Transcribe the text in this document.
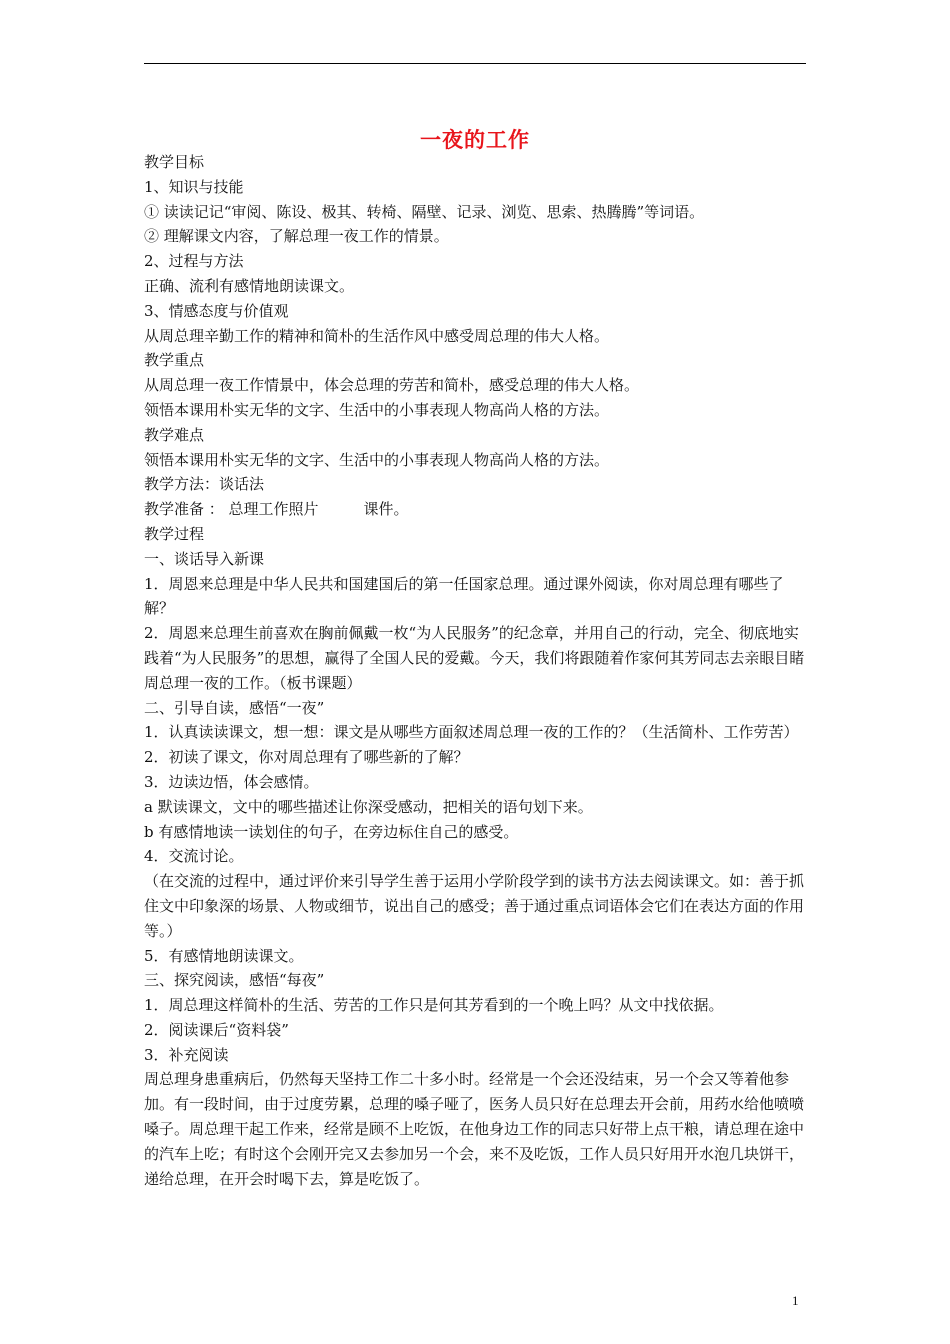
一夜的工作

教学目标

1、知识与技能

① 读读记记“审阅、陈设、极其、转椅、隔壁、记录、浏览、思索、热腾腾”等词语。

② 理解课文内容，了解总理一夜工作的情景。

2、过程与方法

正确、流利有感情地朗读课文。

3、情感态度与价值观

从周总理辛勤工作的精神和简朴的生活作风中感受周总理的伟大人格。

教学重点

从周总理一夜工作情景中，体会总理的劳苦和简朴，感受总理的伟大人格。

领悟本课用朴实无华的文字、生活中的小事表现人物高尚人格的方法。

教学难点

领悟本课用朴实无华的文字、生活中的小事表现人物高尚人格的方法。

教学方法：谈话法

教学准备 ： 总理工作照片　　　课件。

教学过程

一、谈话导入新课

1．周恩来总理是中华人民共和国建国后的第一任国家总理。通过课外阅读，你对周总理有哪些了解？

2．周恩来总理生前喜欢在胸前佩戴一枚“为人民服务”的纪念章，并用自己的行动，完全、彻底地实践着“为人民服务”的思想，赢得了全国人民的爱戴。今天，我们将跟随着作家何其芳同志去亲眼目睹周总理一夜的工作。（板书课题）

二、引导自读，感悟“一夜”

1．认真读读课文，想一想：课文是从哪些方面叙述周总理一夜的工作的？（生活简朴、工作劳苦）

2．初读了课文，你对周总理有了哪些新的了解？

3．边读边悟，体会感情。

a 默读课文，文中的哪些描述让你深受感动，把相关的语句划下来。

b 有感情地读一读划住的句子，在旁边标住自己的感受。

4．交流讨论。

（在交流的过程中，通过评价来引导学生善于运用小学阶段学到的读书方法去阅读课文。如：善于抓住文中印象深的场景、人物或细节，说出自己的感受；善于通过重点词语体会它们在表达方面的作用等。）

5．有感情地朗读课文。

三、探究阅读，感悟“每夜”

1．周总理这样简朴的生活、劳苦的工作只是何其芳看到的一个晚上吗？从文中找依据。

2．阅读课后“资料袋”

3．补充阅读

周总理身患重病后，仍然每天坚持工作二十多小时。经常是一个会还没结束，另一个会又等着他参加。有一段时间，由于过度劳累，总理的嗓子哑了，医务人员只好在总理去开会前，用药水给他喷喷嗓子。周总理干起工作来，经常是顾不上吃饭，在他身边工作的同志只好带上点干粮，请总理在途中的汽车上吃；有时这个会刚开完又去参加另一个会，来不及吃饭，工作人员只好用开水泡几块饼干，递给总理，在开会时喝下去，算是吃饭了。

1
